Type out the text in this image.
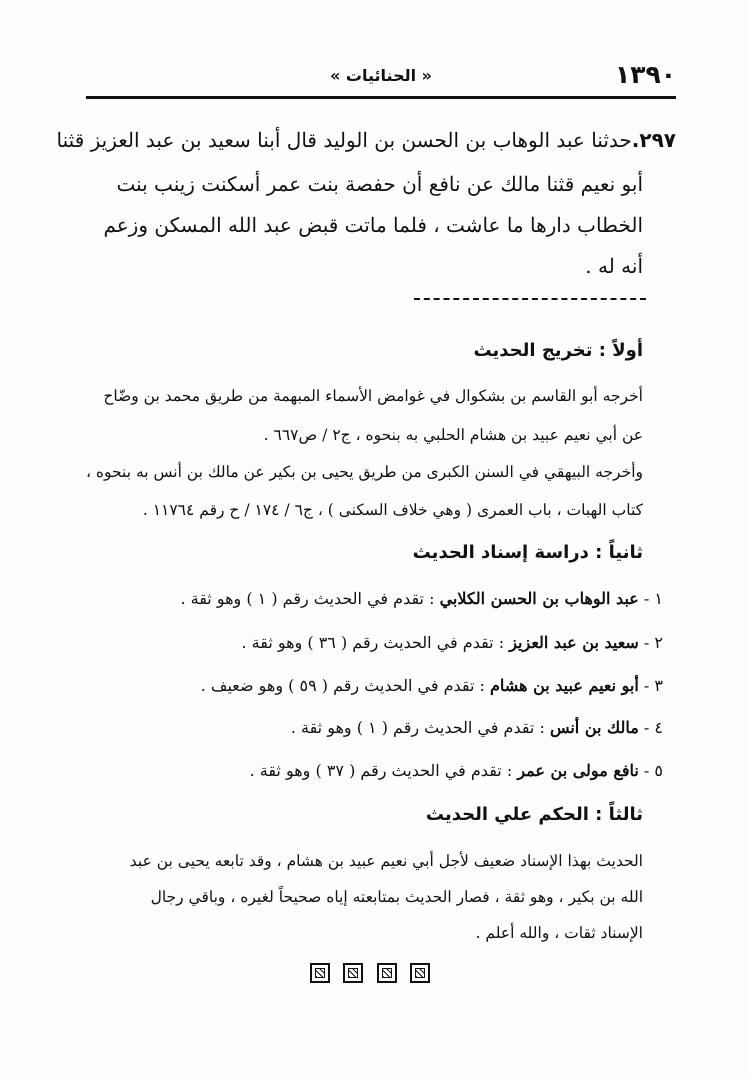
١٣٩٠
« الحنائيات »
٢٩٧.حدثنا عبد الوهاب بن الحسن بن الوليد قال أبنا سعيد بن عبد العزيز قثنا
أبو نعيم قثنا مالك عن نافع أن حفصة بنت عمر أسكنت زينب بنت
الخطاب دارها ما عاشت ، فلما ماتت قبض عبد الله المسكن وزعم
أنه له .
أولاً : تخريج الحديث
أخرجه أبو القاسم بن بشكوال في غوامض الأسماء المبهمة من طريق محمد بن وضّاح
عن أبي نعيم عبيد بن هشام الحلبي به بنحوه ، ج٢ / ص٦٦٧ .
وأخرجه البيهقي في السنن الكبرى من طريق يحيى بن بكير عن مالك بن أنس به بنحوه ،
كتاب الهبات ، باب العمرى ( وهي خلاف السكنى ) ، ج٦ / ١٧٤ / ح رقم ١١٧٦٤ .
ثانياً : دراسة إسناد الحديث
١ - عبد الوهاب بن الحسن الكلابي : تقدم في الحديث رقم ( ١ ) وهو ثقة .
٢ - سعيد بن عبد العزيز : تقدم في الحديث رقم ( ٣٦ ) وهو ثقة .
٣ - أبو نعيم عبيد بن هشام : تقدم في الحديث رقم ( ٥٩ ) وهو ضعيف .
٤ - مالك بن أنس : تقدم في الحديث رقم ( ١ ) وهو ثقة .
٥ - نافع مولى بن عمر : تقدم في الحديث رقم ( ٣٧ ) وهو ثقة .
ثالثاً : الحكم علي الحديث
الحديث بهذا الإسناد ضعيف لأجل أبي نعيم عبيد بن هشام ، وقد تابعه يحيى بن عبد
الله بن بكير ، وهو ثقة ، فصار الحديث بمتابعته إياه صحيحاً لغيره ، وباقي رجال
الإسناد ثقات ، والله أعلم .
